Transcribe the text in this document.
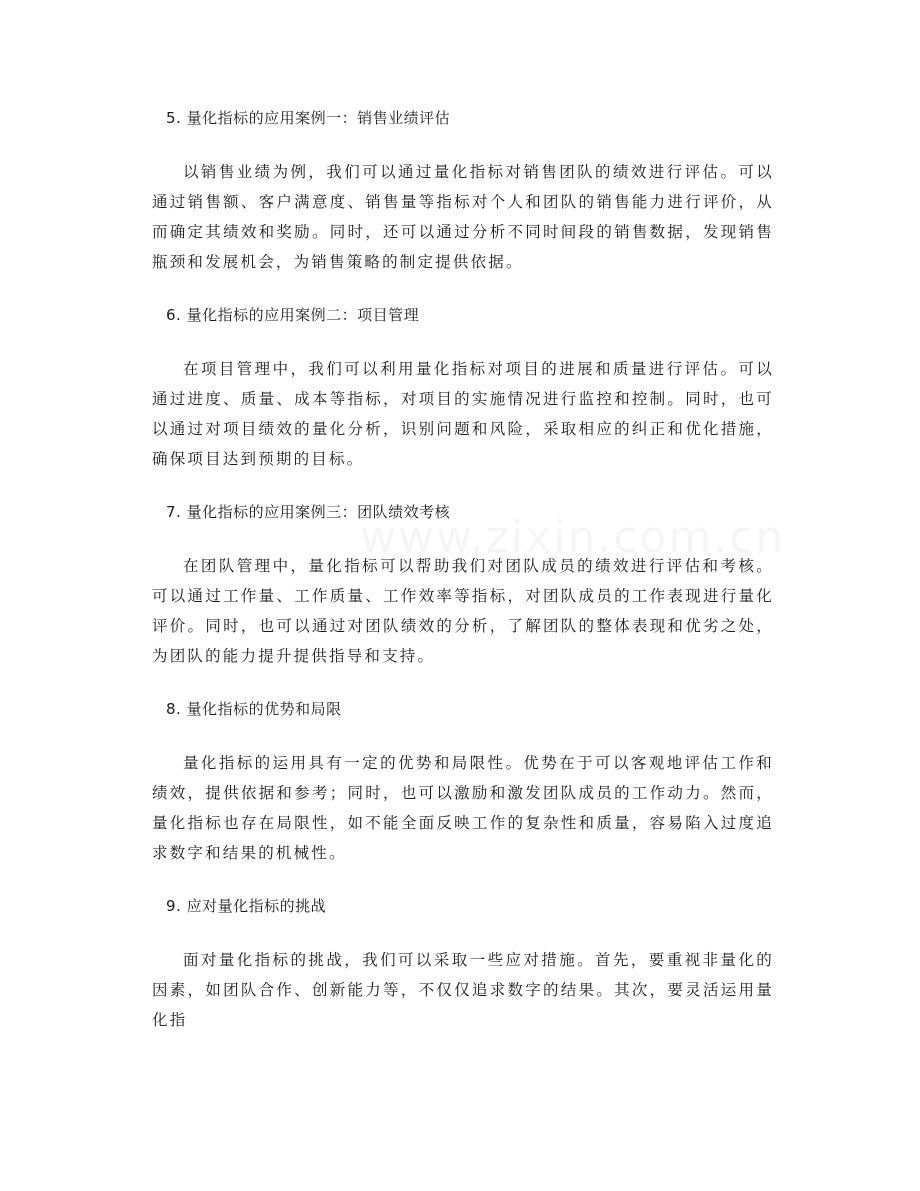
www.zixin.com.cn
5. 量化指标的应用案例一：销售业绩评估

以销售业绩为例，我们可以通过量化指标对销售团队的绩效进行评估。可以通过销售额、客户满意度、销售量等指标对个人和团队的销售能力进行评价，从而确定其绩效和奖励。同时，还可以通过分析不同时间段的销售数据，发现销售瓶颈和发展机会，为销售策略的制定提供依据。

6. 量化指标的应用案例二：项目管理

在项目管理中，我们可以利用量化指标对项目的进展和质量进行评估。可以通过进度、质量、成本等指标，对项目的实施情况进行监控和控制。同时，也可以通过对项目绩效的量化分析，识别问题和风险，采取相应的纠正和优化措施，确保项目达到预期的目标。

7. 量化指标的应用案例三：团队绩效考核

在团队管理中，量化指标可以帮助我们对团队成员的绩效进行评估和考核。可以通过工作量、工作质量、工作效率等指标，对团队成员的工作表现进行量化评价。同时，也可以通过对团队绩效的分析，了解团队的整体表现和优劣之处，为团队的能力提升提供指导和支持。

8. 量化指标的优势和局限

量化指标的运用具有一定的优势和局限性。优势在于可以客观地评估工作和绩效，提供依据和参考；同时，也可以激励和激发团队成员的工作动力。然而，量化指标也存在局限性，如不能全面反映工作的复杂性和质量，容易陷入过度追求数字和结果的机械性。

9. 应对量化指标的挑战

面对量化指标的挑战，我们可以采取一些应对措施。首先，要重视非量化的因素，如团队合作、创新能力等，不仅仅追求数字的结果。其次，要灵活运用量化指
